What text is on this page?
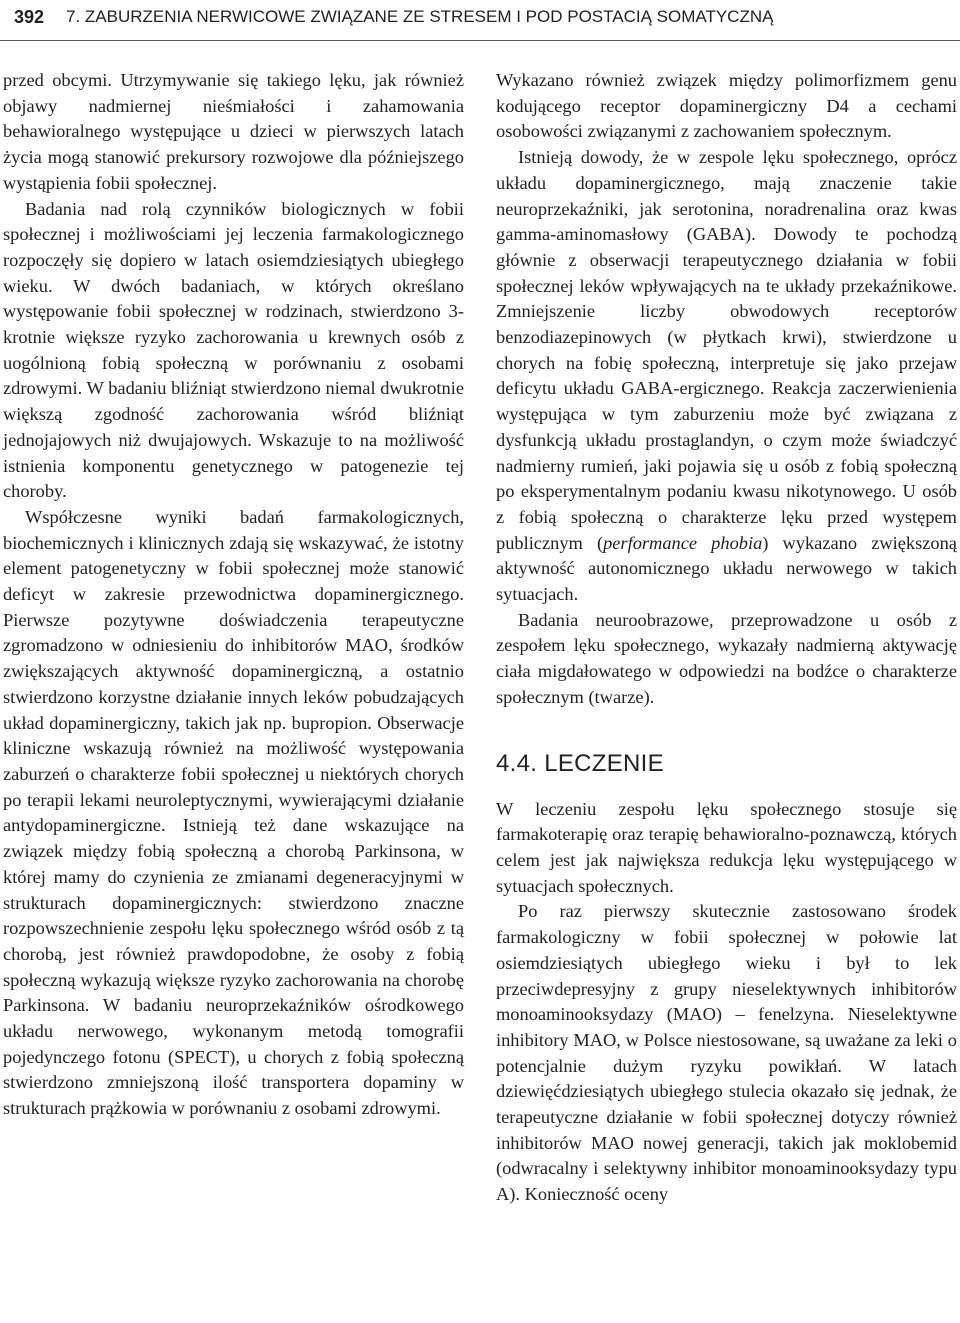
392 7. ZABURZENIA NERWICOWE ZWIĄZANE ZE STRESEM I POD POSTACIĄ SOMATYCZNĄ

przed obcymi. Utrzymywanie się takiego lęku, jak również objawy nadmiernej nieśmiałości i zahamowania behawioralnego występujące u dzieci w pierwszych latach życia mogą stanowić prekursory rozwojowe dla późniejszego wystąpienia fobii społecznej.

Badania nad rolą czynników biologicznych w fobii społecznej i możliwościami jej leczenia farmakologicznego rozpoczęły się dopiero w latach osiemdziesiątych ubiegłego wieku. W dwóch badaniach, w których określano występowanie fobii społecznej w rodzinach, stwierdzono 3-krotnie większe ryzyko zachorowania u krewnych osób z uogólnioną fobią społeczną w porównaniu z osobami zdrowymi. W badaniu bliźniąt stwierdzono niemal dwukrotnie większą zgodność zachorowania wśród bliźniąt jednojajowych niż dwujajowych. Wskazuje to na możliwość istnienia komponentu genetycznego w patogenezie tej choroby.

Współczesne wyniki badań farmakologicznych, biochemicznych i klinicznych zdają się wskazywać, że istotny element patogenetyczny w fobii społecznej może stanowić deficyt w zakresie przewodnictwa dopaminergicznego. Pierwsze pozytywne doświadczenia terapeutyczne zgromadzono w odniesieniu do inhibitorów MAO, środków zwiększających aktywność dopaminergiczną, a ostatnio stwierdzono korzystne działanie innych leków pobudzających układ dopaminergiczny, takich jak np. bupropion. Obserwacje kliniczne wskazują również na możliwość występowania zaburzeń o charakterze fobii społecznej u niektórych chorych po terapii lekami neuroleptycznymi, wywierającymi działanie antydopaminergiczne. Istnieją też dane wskazujące na związek między fobią społeczną a chorobą Parkinsona, w której mamy do czynienia ze zmianami degeneracyjnymi w strukturach dopaminergicznych: stwierdzono znaczne rozpowszechnienie zespołu lęku społecznego wśród osób z tą chorobą, jest również prawdopodobne, że osoby z fobią społeczną wykazują większe ryzyko zachorowania na chorobę Parkinsona. W badaniu neuroprzekaźników ośrodkowego układu nerwowego, wykonanym metodą tomografii pojedynczego fotonu (SPECT), u chorych z fobią społeczną stwierdzono zmniejszoną ilość transportera dopaminy w strukturach prążkowia w porównaniu z osobami zdrowymi.

Wykazano również związek między polimorfizmem genu kodującego receptor dopaminergiczny D4 a cechami osobowości związanymi z zachowaniem społecznym.

Istnieją dowody, że w zespole lęku społecznego, oprócz układu dopaminergicznego, mają znaczenie takie neuroprzekaźniki, jak serotonina, noradrenalina oraz kwas gamma-aminomasłowy (GABA). Dowody te pochodzą głównie z obserwacji terapeutycznego działania w fobii społecznej leków wpływających na te układy przekaźnikowe. Zmniejszenie liczby obwodowych receptorów benzodiazepinowych (w płytkach krwi), stwierdzone u chorych na fobię społeczną, interpretuje się jako przejaw deficytu układu GABA-ergicznego. Reakcja zaczerwienienia występująca w tym zaburzeniu może być związana z dysfunkcją układu prostaglandyn, o czym może świadczyć nadmierny rumień, jaki pojawia się u osób z fobią społeczną po eksperymentalnym podaniu kwasu nikotynowego. U osób z fobią społeczną o charakterze lęku przed występem publicznym (performance phobia) wykazano zwiększoną aktywność autonomicznego układu nerwowego w takich sytuacjach.

Badania neuroobrazowe, przeprowadzone u osób z zespołem lęku społecznego, wykazały nadmierną aktywację ciała migdałowatego w odpowiedzi na bodźce o charakterze społecznym (twarze).

4.4. LECZENIE

W leczeniu zespołu lęku społecznego stosuje się farmakoterapię oraz terapię behawioralno-poznawczą, których celem jest jak największa redukcja lęku występującego w sytuacjach społecznych.

Po raz pierwszy skutecznie zastosowano środek farmakologiczny w fobii społecznej w połowie lat osiemdziesiątych ubiegłego wieku i był to lek przeciwdepresyjny z grupy nieselektywnych inhibitorów monoaminooksydazy (MAO) – fenelzyna. Nieselektywne inhibitory MAO, w Polsce niestosowane, są uważane za leki o potencjalnie dużym ryzyku powikłań. W latach dziewięćdziesiątych ubiegłego stulecia okazało się jednak, że terapeutyczne działanie w fobii społecznej dotyczy również inhibitorów MAO nowej generacji, takich jak moklobemid (odwracalny i selektywny inhibitor monoaminooksydazy typu A). Konieczność oceny
